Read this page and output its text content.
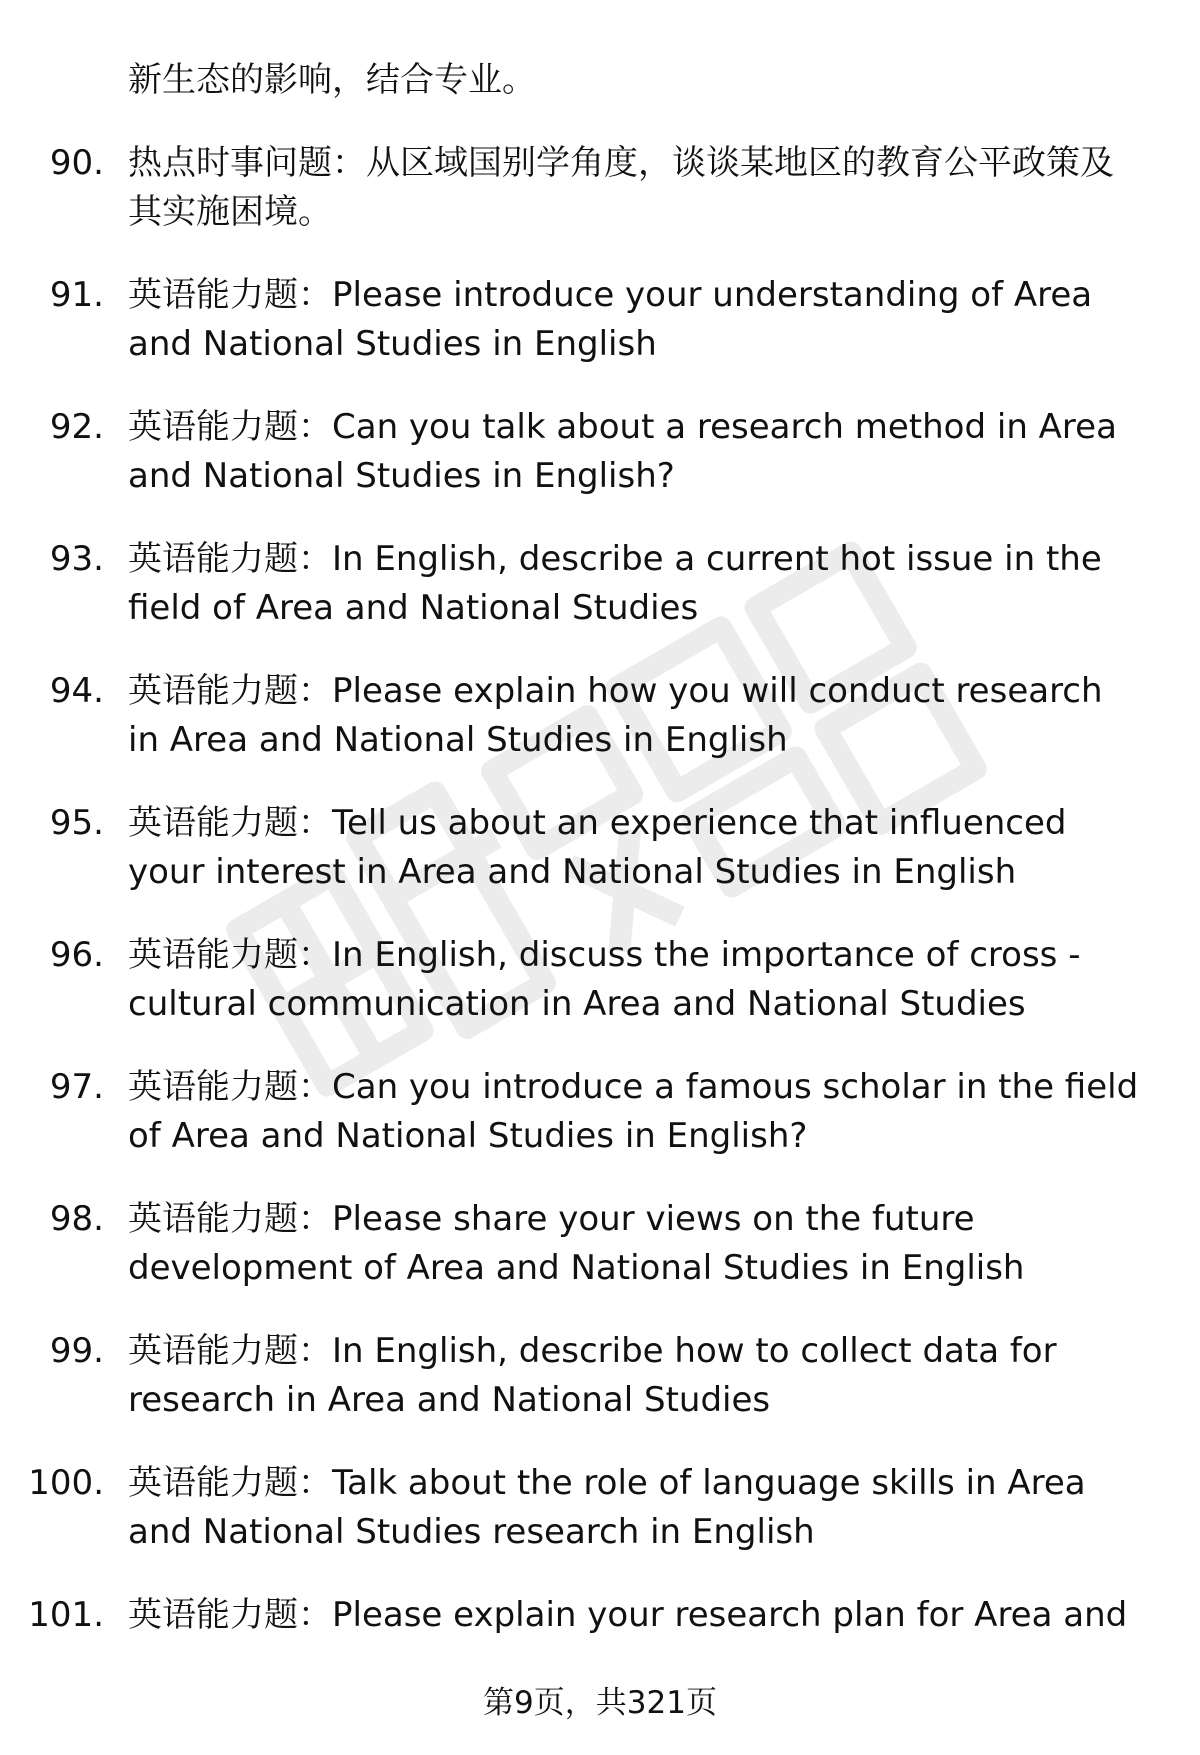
新生态的影响，结合专业。
90. 热点时事问题：从区域国别学角度，谈谈某地区的教育公平政策及其实施困境。
91. 英语能力题：Please introduce your understanding of Area and National Studies in English
92. 英语能力题：Can you talk about a research method in Area and National Studies in English?
93. 英语能力题：In English, describe a current hot issue in the field of Area and National Studies
94. 英语能力题：Please explain how you will conduct research in Area and National Studies in English
95. 英语能力题：Tell us about an experience that influenced your interest in Area and National Studies in English
96. 英语能力题：In English, discuss the importance of cross - cultural communication in Area and National Studies
97. 英语能力题：Can you introduce a famous scholar in the field of Area and National Studies in English?
98. 英语能力题：Please share your views on the future development of Area and National Studies in English
99. 英语能力题：In English, describe how to collect data for research in Area and National Studies
100. 英语能力题：Talk about the role of language skills in Area and National Studies research in English
101. 英语能力题：Please explain your research plan for Area and
第9页，共321页
